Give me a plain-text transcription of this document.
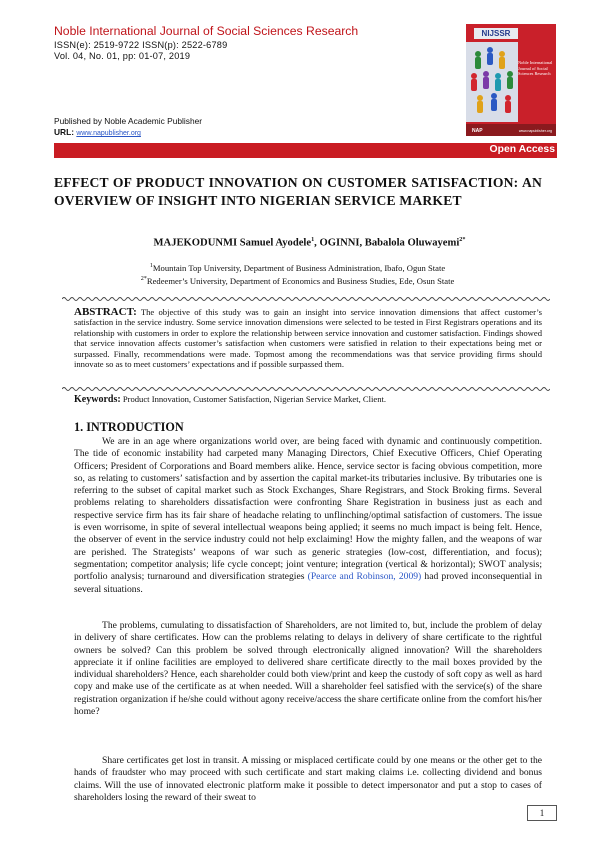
Noble International Journal of Social Sciences Research
ISSN(e): 2519-9722 ISSN(p): 2522-6789
Vol. 04, No. 01, pp: 01-07, 2019
Published by Noble Academic Publisher
URL: www.napublisher.org
NIJSSR
Noble International Journal of Social Sciences Research
NAP	www.napublisher.org
Open Access
EFFECT OF PRODUCT INNOVATION ON CUSTOMER SATISFACTION: AN OVERVIEW OF INSIGHT INTO NIGERIAN SERVICE MARKET
MAJEKODUNMI Samuel Ayodele$^1$, OGINNI, Babalola Oluwayemi$^{2*}$
$^1$Mountain Top University, Department of Business Administration, Ibafo, Ogun State
$^{2*}$Redeemer’s University, Department of Economics and Business Studies, Ede, Osun State
ABSTRACT: The objective of this study was to gain an insight into service innovation dimensions that affect customer’s satisfaction in the service industry. Some service innovation dimensions were selected to be tested in First Registrars operations and its relationship with customers in order to explore the relationship between service innovation and customer satisfaction. Findings showed that service innovation affects customer’s satisfaction when customers were satisfied in relation to their expectations being met or surpassed. Finally, recommendations were made. Topmost among the recommendations was that service providing firms should innovate so as to meet customers’ expectations and if possible surpassed them.
Keywords: Product Innovation, Customer Satisfaction, Nigerian Service Market, Client.
1. INTRODUCTION

We are in an age where organizations world over, are being faced with dynamic and continuously competition. The tide of economic instability had carpeted many Managing Directors, Chief Executive Officers, Chief Operating Officers; President of Corporations and Board members alike. Hence, service sector is facing obvious competition, more so, as relating to customers’ satisfaction and by assertion the capital market-its tributaries inclusive. By tributaries one is referring to the subset of capital market such as Stock Exchanges, Share Registrars, and Stock Broking firms. Several problems relating to shareholders dissatisfaction were confronting Share Registration in business just as each and respective service firm has its fair share of headache relating to unflinching/optimal satisfaction of customers. The issue is even worrisome, in spite of several intellectual weapons being applied; it seems no much impact is being felt. Hence, the observer of event in the service industry could not help exclaiming! How the mighty fallen, and the weapons of war are perished. The Strategists’ weapons of war such as generic strategies (low-cost, differentiation, and focus); segmentation; competitor analysis; life cycle concept; joint venture; integration (vertical & horizontal); SWOT analysis; portfolio analysis; turnaround and diversification strategies (Pearce and Robinson, 2009) had proved inconsequential in several situations.

The problems, cumulating to dissatisfaction of Shareholders, are not limited to, but, include the problem of delay in delivery of share certificates. How can the problems relating to delays in delivery of share certificate to the rightful owners be solved? Can this problem be solved through electronically aligned innovation? Will the shareholders appreciate it if online facilities are employed to delivered share certificate directly to the mail boxes provided by the individual shareholders? Hence, each shareholder could both view/print and keep the custody of soft copy as well as hard copy and make use of the certificate as at when needed. Will a shareholder feel satisfied with the service(s) of the share registration organization if he/she could without agony receive/access the share certificate online from the comfort his/her home?

Share certificates get lost in transit. A missing or misplaced certificate could by one means or the other get to the hands of fraudster who may proceed with such certificate and start making claims i.e. collecting dividend and bonus claims. Will the use of innovated electronic platform make it possible to detect impersonator and put a stop to cases of shareholders losing the reward of their sweat to

1
